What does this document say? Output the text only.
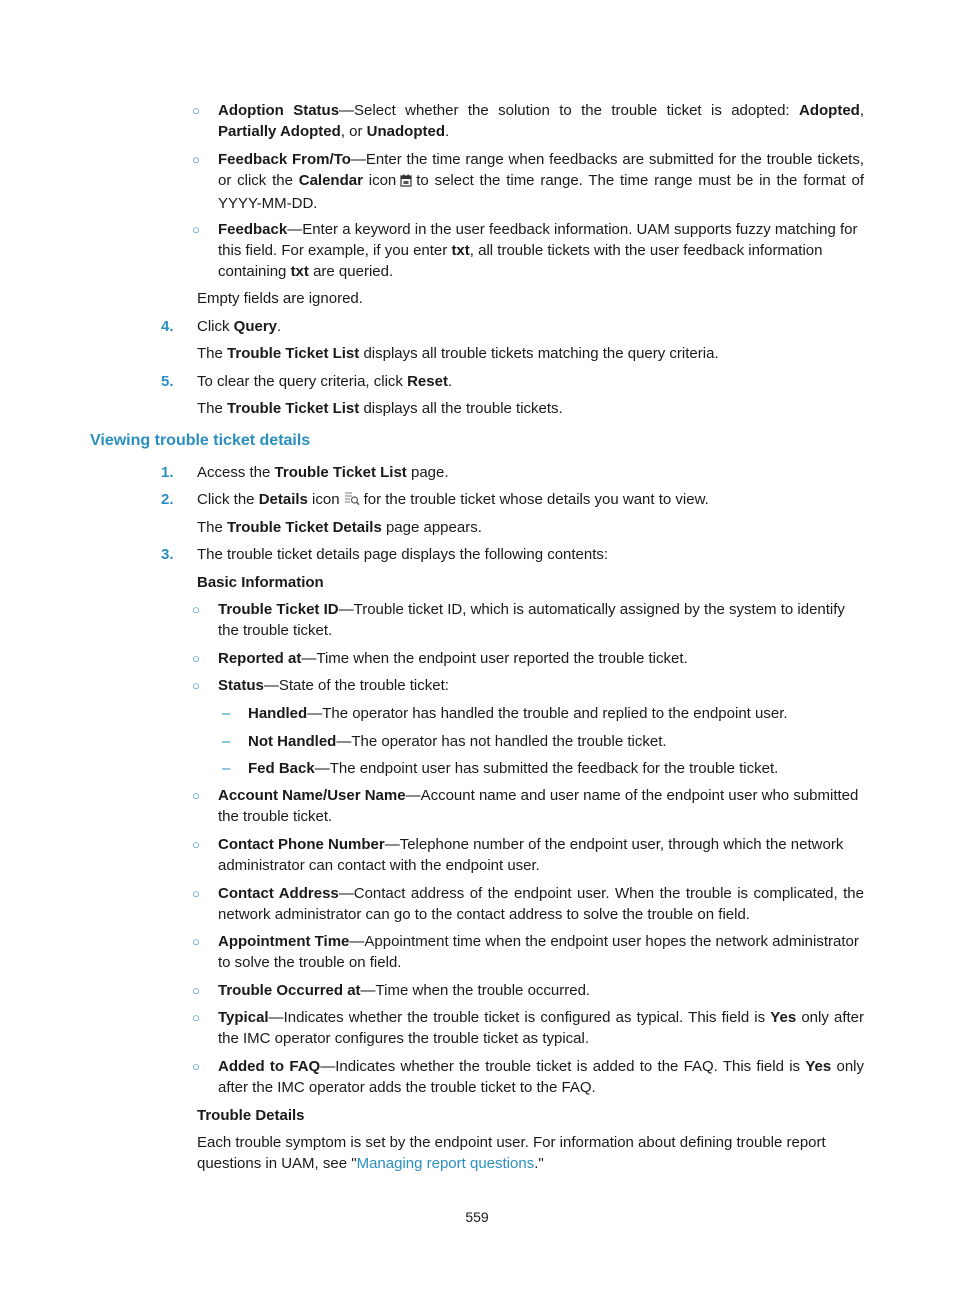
○ Adoption Status—Select whether the solution to the trouble ticket is adopted: Adopted, Partially Adopted, or Unadopted.
○ Feedback From/To—Enter the time range when feedbacks are submitted for the trouble tickets, or click the Calendar icon to select the time range. The time range must be in the format of YYYY-MM-DD.
○ Feedback—Enter a keyword in the user feedback information. UAM supports fuzzy matching for this field. For example, if you enter txt, all trouble tickets with the user feedback information containing txt are queried.
Empty fields are ignored.
4.	Click Query.
The Trouble Ticket List displays all trouble tickets matching the query criteria.
5.	To clear the query criteria, click Reset.
The Trouble Ticket List displays all the trouble tickets.
Viewing trouble ticket details
1.	Access the Trouble Ticket List page.
2.	Click the Details icon for the trouble ticket whose details you want to view.
The Trouble Ticket Details page appears.
3.	The trouble ticket details page displays the following contents:
Basic Information
○ Trouble Ticket ID—Trouble ticket ID, which is automatically assigned by the system to identify the trouble ticket.
○ Reported at—Time when the endpoint user reported the trouble ticket.
○ Status—State of the trouble ticket:
– Handled—The operator has handled the trouble and replied to the endpoint user.
– Not Handled—The operator has not handled the trouble ticket.
– Fed Back—The endpoint user has submitted the feedback for the trouble ticket.
○ Account Name/User Name—Account name and user name of the endpoint user who submitted the trouble ticket.
○ Contact Phone Number—Telephone number of the endpoint user, through which the network administrator can contact with the endpoint user.
○ Contact Address—Contact address of the endpoint user. When the trouble is complicated, the network administrator can go to the contact address to solve the trouble on field.
○ Appointment Time—Appointment time when the endpoint user hopes the network administrator to solve the trouble on field.
○ Trouble Occurred at—Time when the trouble occurred.
○ Typical—Indicates whether the trouble ticket is configured as typical. This field is Yes only after the IMC operator configures the trouble ticket as typical.
○ Added to FAQ—Indicates whether the trouble ticket is added to the FAQ. This field is Yes only after the IMC operator adds the trouble ticket to the FAQ.
Trouble Details
Each trouble symptom is set by the endpoint user. For information about defining trouble report questions in UAM, see "Managing report questions."
559
